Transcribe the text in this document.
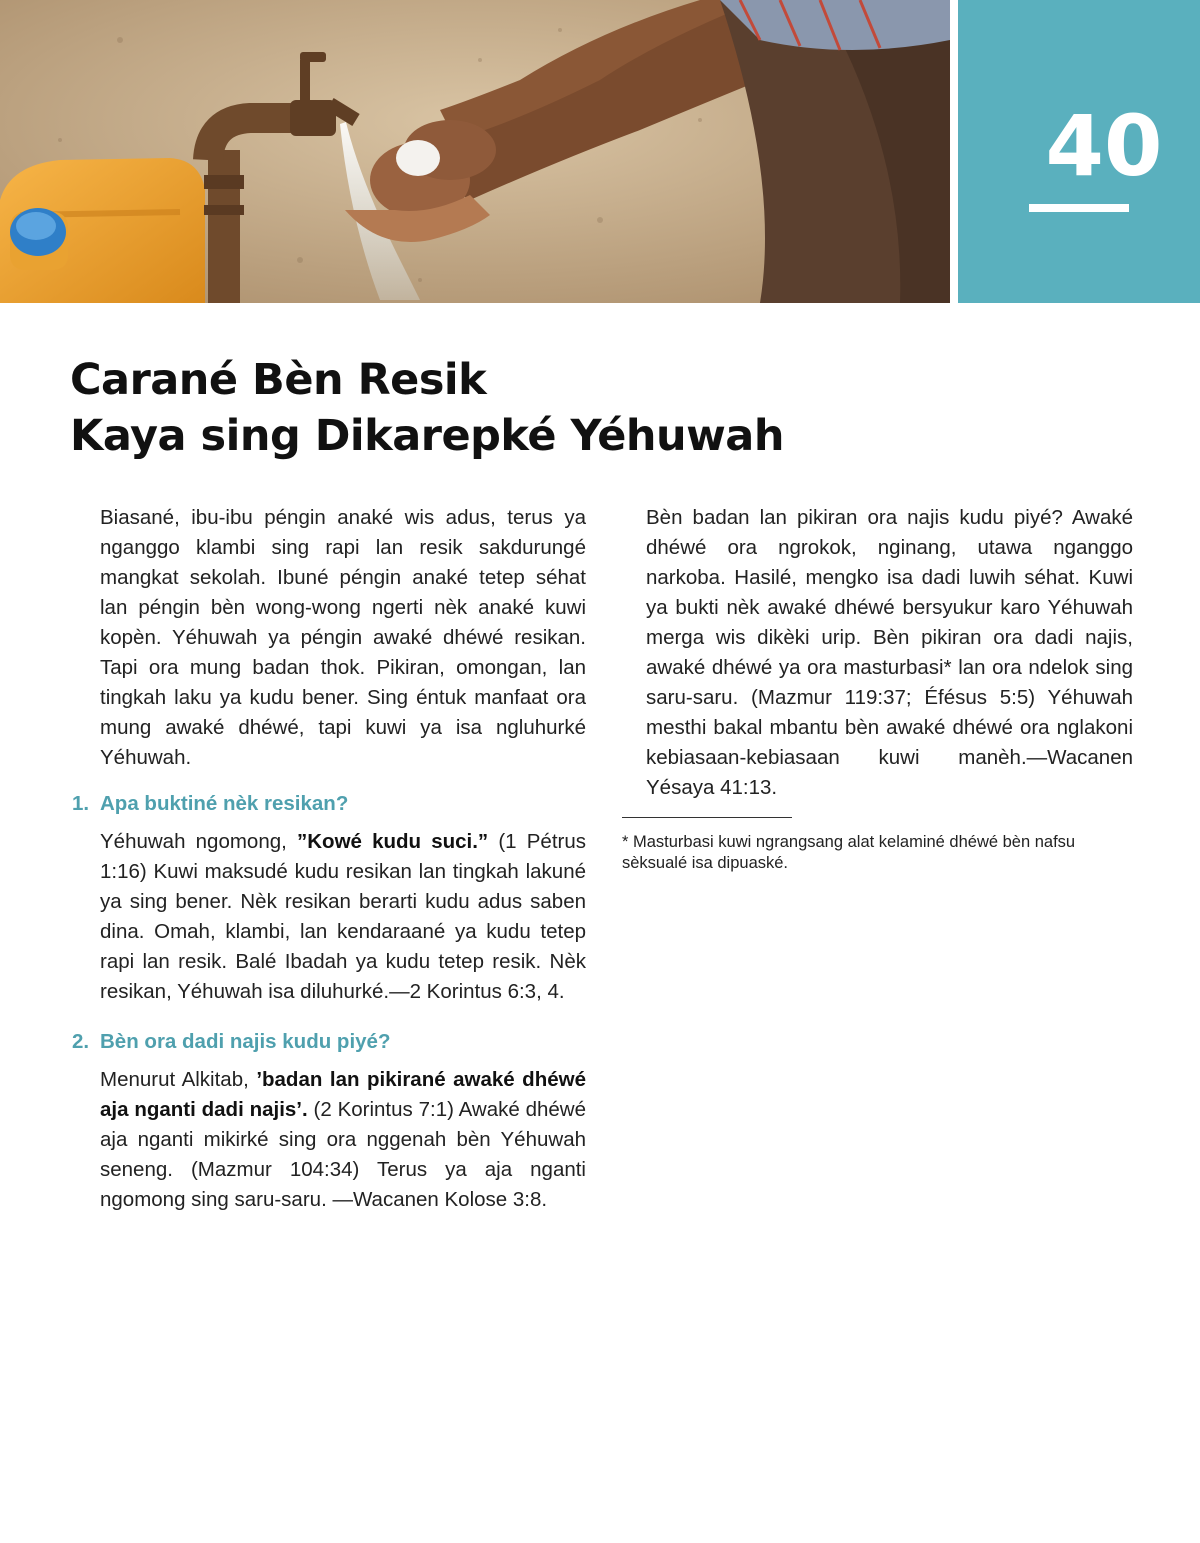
40
Carané Bèn Resik
Kaya sing Dikarepké Yéhuwah

Biasané, ibu-ibu péngin anaké wis adus, terus ya nganggo klambi sing rapi lan resik sakdurungé mangkat sekolah. Ibuné péngin anaké tetep séhat lan péngin bèn wong-wong ngerti nèk anaké kuwi kopèn. Yéhuwah ya péngin awaké dhéwé resikan. Tapi ora mung badan thok. Pikiran, omongan, lan tingkah laku ya kudu bener. Sing éntuk manfaat ora mung awaké dhéwé, tapi kuwi ya isa ngluhurké Yéhuwah.

1. Apa buktiné nèk resikan?

Yéhuwah ngomong, ”Kowé kudu suci.” (1 Pétrus 1:16) Kuwi maksudé kudu resikan lan tingkah lakuné ya sing bener. Nèk resikan berarti kudu adus saben dina. Omah, klambi, lan kendaraané ya kudu tetep rapi lan resik. Balé Ibadah ya kudu tetep resik. Nèk resikan, Yéhuwah isa diluhurké.—2 Korintus 6:3, 4.

2. Bèn ora dadi najis kudu piyé?

Menurut Alkitab, ’badan lan pikirané awaké dhéwé aja nganti dadi najis’. (2 Korintus 7:1) Awaké dhéwé aja nganti mikirké sing ora nggenah bèn Yéhuwah seneng. (Mazmur 104:34) Terus ya aja nganti ngomong sing saru-saru. —Wacanen Kolose 3:8.

Bèn badan lan pikiran ora najis kudu piyé? Awaké dhéwé ora ngrokok, nginang, utawa nganggo narkoba. Hasilé, mengko isa dadi luwih séhat. Kuwi ya bukti nèk awaké dhéwé bersyukur karo Yéhuwah merga wis dikèki urip. Bèn pikiran ora dadi najis, awaké dhéwé ya ora masturbasi* lan ora ndelok sing saru-saru. (Mazmur 119:37; Éfésus 5:5) Yéhuwah mesthi bakal mbantu bèn awaké dhéwé ora nglakoni kebiasaan-kebiasaan kuwi manèh.—Wacanen Yésaya 41:13.

* Masturbasi kuwi ngrangsang alat kelaminé dhéwé bèn nafsu sèksualé isa dipuaské.
